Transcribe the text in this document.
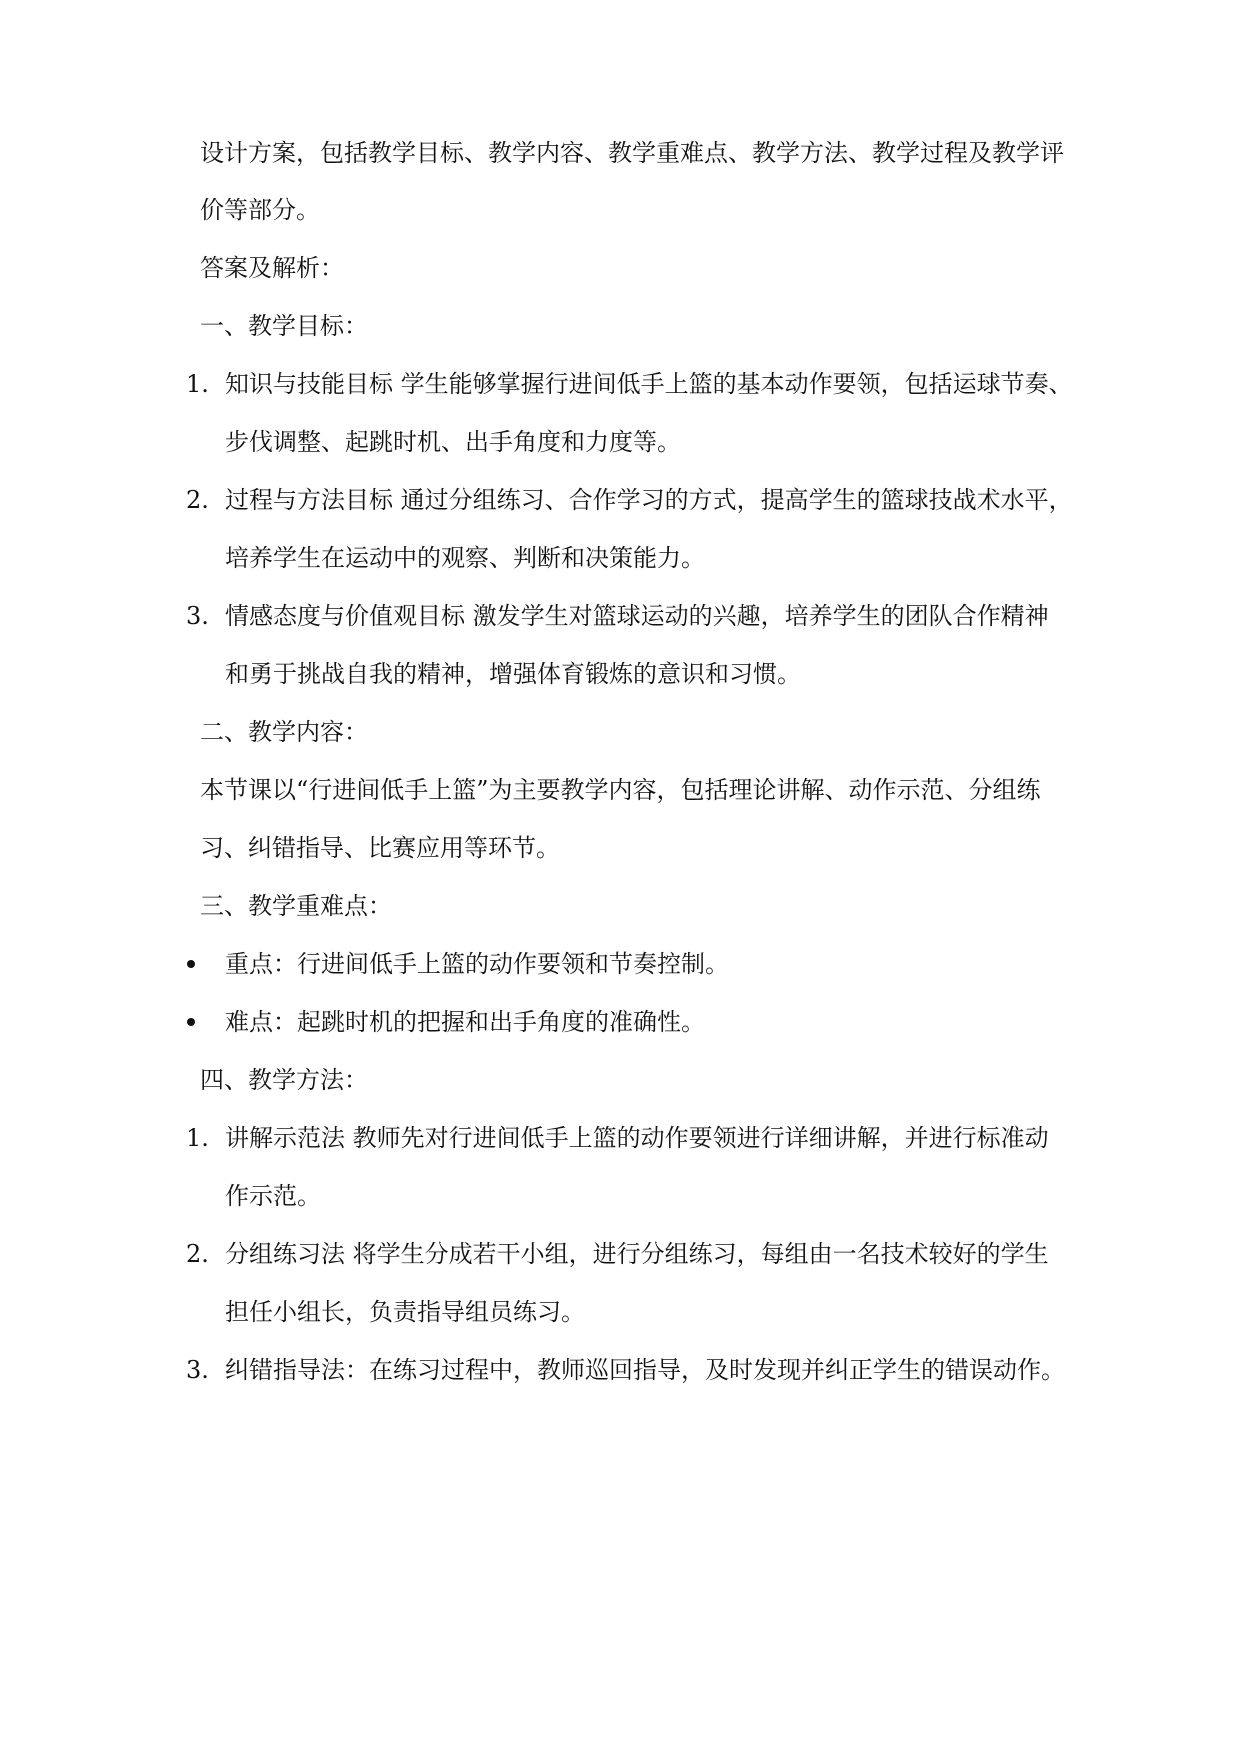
设计方案，包括教学目标、教学内容、教学重难点、教学方法、教学过程及教学评
价等部分。
答案及解析：
一、教学目标：
1. 知识与技能目标 学生能够掌握行进间低手上篮的基本动作要领，包括运球节奏、
步伐调整、起跳时机、出手角度和力度等。
2. 过程与方法目标 通过分组练习、合作学习的方式，提高学生的篮球技战术水平，
培养学生在运动中的观察、判断和决策能力。
3. 情感态度与价值观目标 激发学生对篮球运动的兴趣，培养学生的团队合作精神
和勇于挑战自我的精神，增强体育锻炼的意识和习惯。
二、教学内容：
本节课以“行进间低手上篮”为主要教学内容，包括理论讲解、动作示范、分组练
习、纠错指导、比赛应用等环节。
三、教学重难点：
重点：行进间低手上篮的动作要领和节奏控制。
难点：起跳时机的把握和出手角度的准确性。
四、教学方法：
1. 讲解示范法 教师先对行进间低手上篮的动作要领进行详细讲解，并进行标准动
作示范。
2. 分组练习法 将学生分成若干小组，进行分组练习，每组由一名技术较好的学生
担任小组长，负责指导组员练习。
3. 纠错指导法：在练习过程中，教师巡回指导，及时发现并纠正学生的错误动作。
